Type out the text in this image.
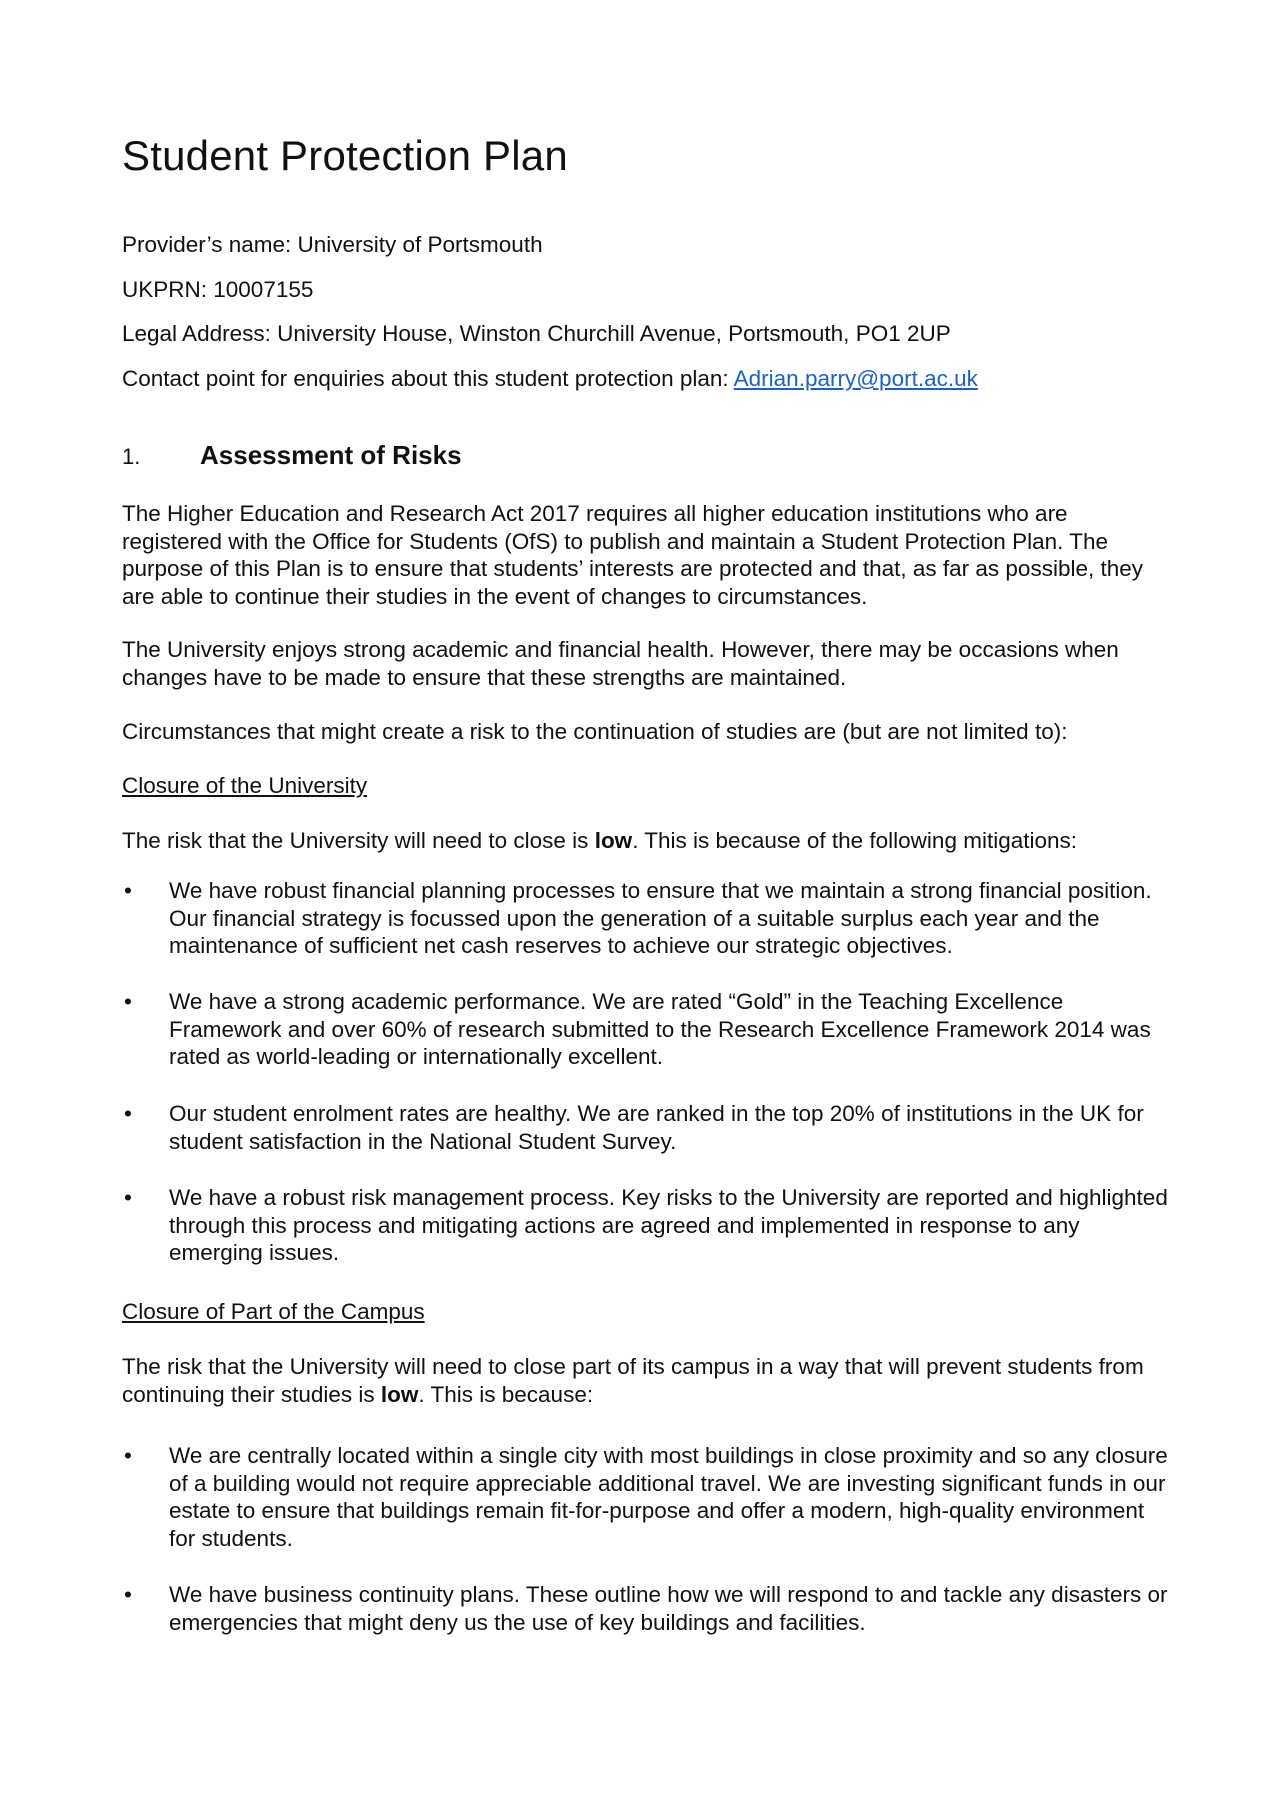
Student Protection Plan
Provider’s name: University of Portsmouth
UKPRN: 10007155
Legal Address: University House, Winston Churchill Avenue, Portsmouth, PO1 2UP
Contact point for enquiries about this student protection plan: Adrian.parry@port.ac.uk
1. Assessment of Risks

The Higher Education and Research Act 2017 requires all higher education institutions who are registered with the Office for Students (OfS) to publish and maintain a Student Protection Plan. The purpose of this Plan is to ensure that students’ interests are protected and that, as far as possible, they are able to continue their studies in the event of changes to circumstances.

The University enjoys strong academic and financial health. However, there may be occasions when changes have to be made to ensure that these strengths are maintained.

Circumstances that might create a risk to the continuation of studies are (but are not limited to):

Closure of the University

The risk that the University will need to close is low. This is because of the following mitigations:

•	We have robust financial planning processes to ensure that we maintain a strong financial position. Our financial strategy is focussed upon the generation of a suitable surplus each year and the maintenance of sufficient net cash reserves to achieve our strategic objectives.
•	We have a strong academic performance. We are rated “Gold” in the Teaching Excellence Framework and over 60% of research submitted to the Research Excellence Framework 2014 was rated as world-leading or internationally excellent.
•	Our student enrolment rates are healthy. We are ranked in the top 20% of institutions in the UK for student satisfaction in the National Student Survey.
•	We have a robust risk management process. Key risks to the University are reported and highlighted through this process and mitigating actions are agreed and implemented in response to any emerging issues.
Closure of Part of the Campus

The risk that the University will need to close part of its campus in a way that will prevent students from continuing their studies is low. This is because:

•	We are centrally located within a single city with most buildings in close proximity and so any closure of a building would not require appreciable additional travel. We are investing significant funds in our estate to ensure that buildings remain fit-for-purpose and offer a modern, high-quality environment for students.
•	We have business continuity plans. These outline how we will respond to and tackle any disasters or emergencies that might deny us the use of key buildings and facilities.
